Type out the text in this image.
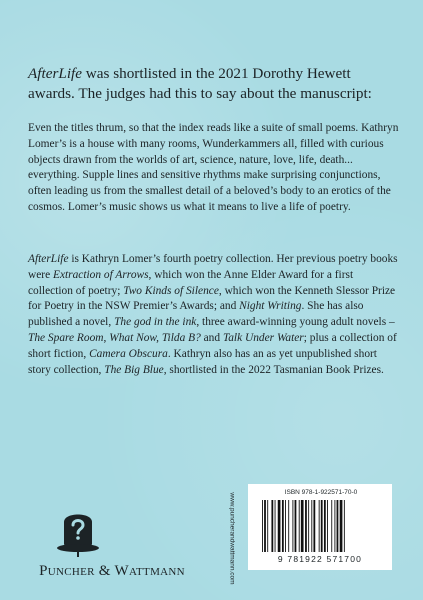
AfterLife was shortlisted in the 2021 Dorothy Hewett awards. The judges had this to say about the manuscript:

Even the titles thrum, so that the index reads like a suite of small poems. Kathryn Lomer’s is a house with many rooms, Wunderkammers all, filled with curious objects drawn from the worlds of art, science, nature, love, life, death... everything. Supple lines and sensitive rhythms make surprising conjunctions, often leading us from the smallest detail of a beloved’s body to an erotics of the cosmos. Lomer’s music shows us what it means to live a life of poetry.

AfterLife is Kathryn Lomer’s fourth poetry collection. Her previous poetry books were Extraction of Arrows, which won the Anne Elder Award for a first collection of poetry; Two Kinds of Silence, which won the Kenneth Slessor Prize for Poetry in the NSW Premier’s Awards; and Night Writing. She has also published a novel, The god in the ink, three award-winning young adult novels – The Spare Room, What Now, Tilda B? and Talk Under Water; plus a collection of short fiction, Camera Obscura. Kathryn also has an as yet unpublished short story collection, The Big Blue, shortlisted in the 2022 Tasmanian Book Prizes.

Puncher & Wattmann	www.puncherandwattmann.com	ISBN 978-1-922571-70-0
9 781922 571700
